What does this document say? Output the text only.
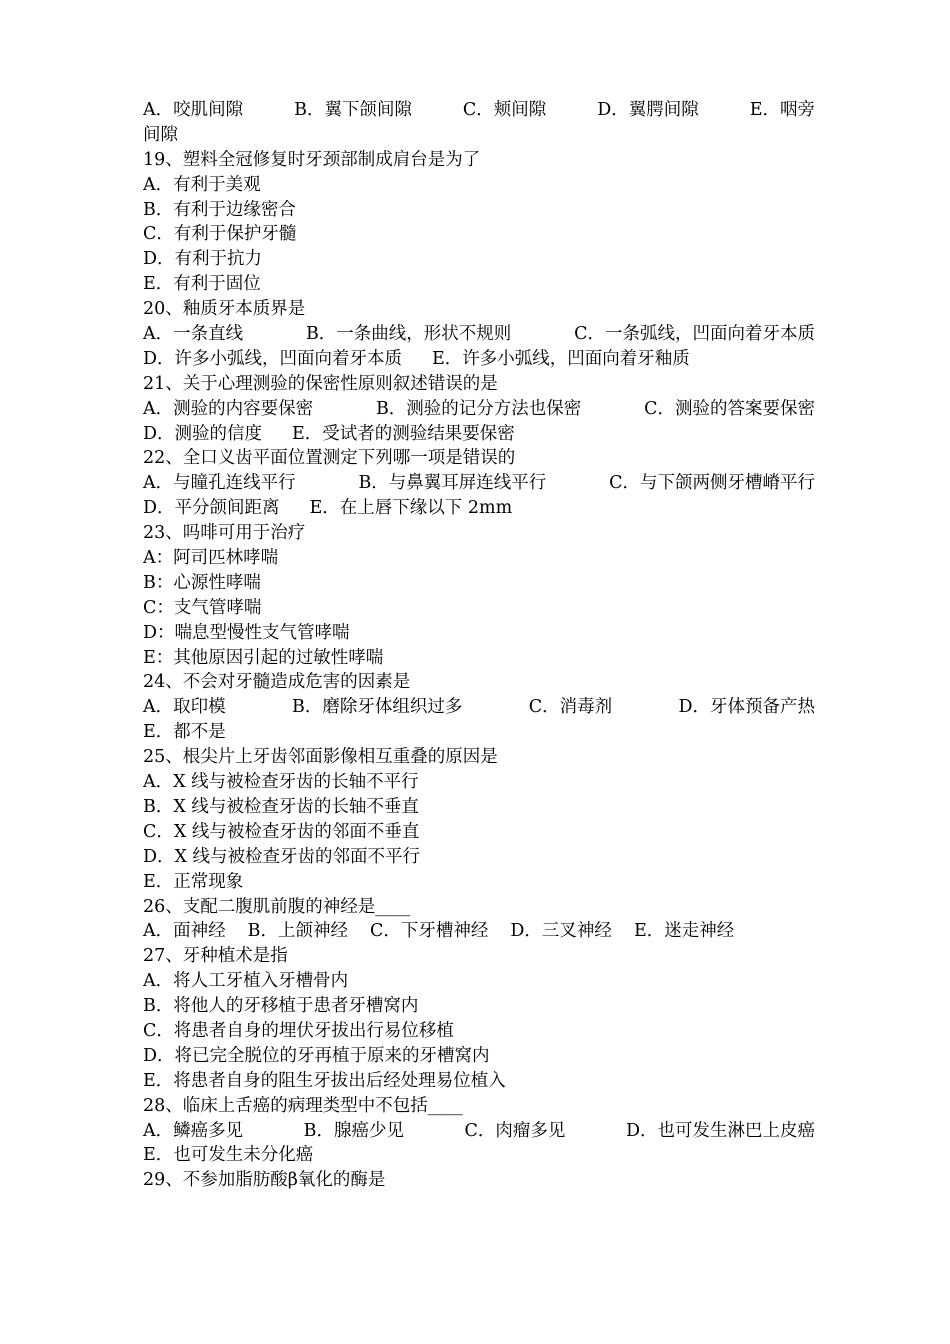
A．咬肌间隙	B．翼下颌间隙	C．颊间隙	D．翼腭间隙	E．咽旁
间隙
19、塑料全冠修复时牙颈部制成肩台是为了
A．有利于美观
B．有利于边缘密合
C．有利于保护牙髓
D．有利于抗力
E．有利于固位
20、釉质牙本质界是
A．一条直线	B．一条曲线，形状不规则	C．一条弧线，凹面向着牙本质
D．许多小弧线，凹面向着牙本质 E．许多小弧线，凹面向着牙釉质
21、关于心理测验的保密性原则叙述错误的是
A．测验的内容要保密	B．测验的记分方法也保密	C．测验的答案要保密
D．测验的信度 E．受试者的测验结果要保密
22、全口义齿平面位置测定下列哪一项是错误的
A．与瞳孔连线平行	B．与鼻翼耳屏连线平行	C．与下颌两侧牙槽嵴平行
D．平分颌间距离 E．在上唇下缘以下 2mm
23、吗啡可用于治疗
A：阿司匹林哮喘
B：心源性哮喘
C：支气管哮喘
D：喘息型慢性支气管哮喘
E：其他原因引起的过敏性哮喘
24、不会对牙髓造成危害的因素是
A．取印模	B．磨除牙体组织过多	C．消毒剂	D．牙体预备产热
E．都不是
25、根尖片上牙齿邻面影像相互重叠的原因是
A．X 线与被检查牙齿的长轴不平行
B．X 线与被检查牙齿的长轴不垂直
C．X 线与被检查牙齿的邻面不垂直
D．X 线与被检查牙齿的邻面不平行
E．正常现象
26、支配二腹肌前腹的神经是____
A．面神经 B．上颌神经 C．下牙槽神经 D．三叉神经 E．迷走神经
27、牙种植术是指
A．将人工牙植入牙槽骨内
B．将他人的牙移植于患者牙槽窝内
C．将患者自身的埋伏牙拔出行易位移植
D．将已完全脱位的牙再植于原来的牙槽窝内
E．将患者自身的阻生牙拔出后经处理易位植入
28、临床上舌癌的病理类型中不包括____
A．鳞癌多见	B．腺癌少见	C．肉瘤多见	D．也可发生淋巴上皮癌
E．也可发生未分化癌
29、不参加脂肪酸β氧化的酶是
